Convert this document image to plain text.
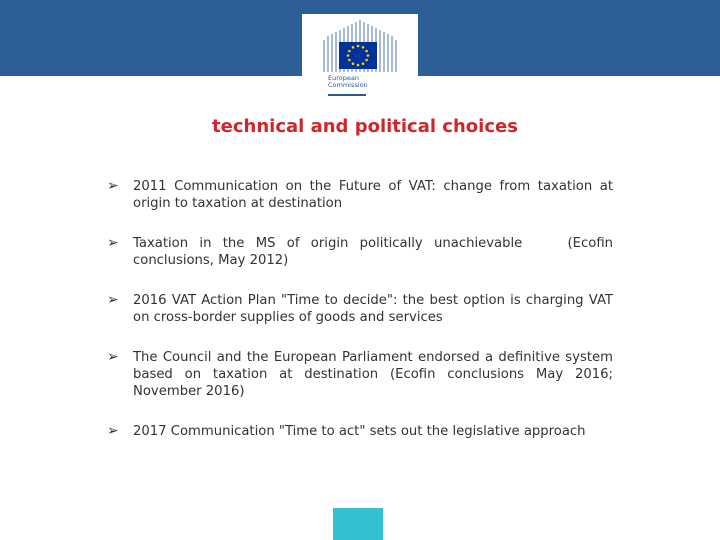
European
Commission
technical and political choices
➢ 2011 Communication on the Future of VAT: change from taxation at origin to taxation at destination
➢ Taxation in the MS of origin politically unachievable    (Ecofin conclusions, May 2012)
➢ 2016 VAT Action Plan "Time to decide": the best option is charging VAT on cross-border supplies of goods and services
➢ The Council and the European Parliament endorsed a definitive system based on taxation at destination (Ecofin conclusions May 2016; November 2016)
➢ 2017 Communication "Time to act" sets out the legislative approach
